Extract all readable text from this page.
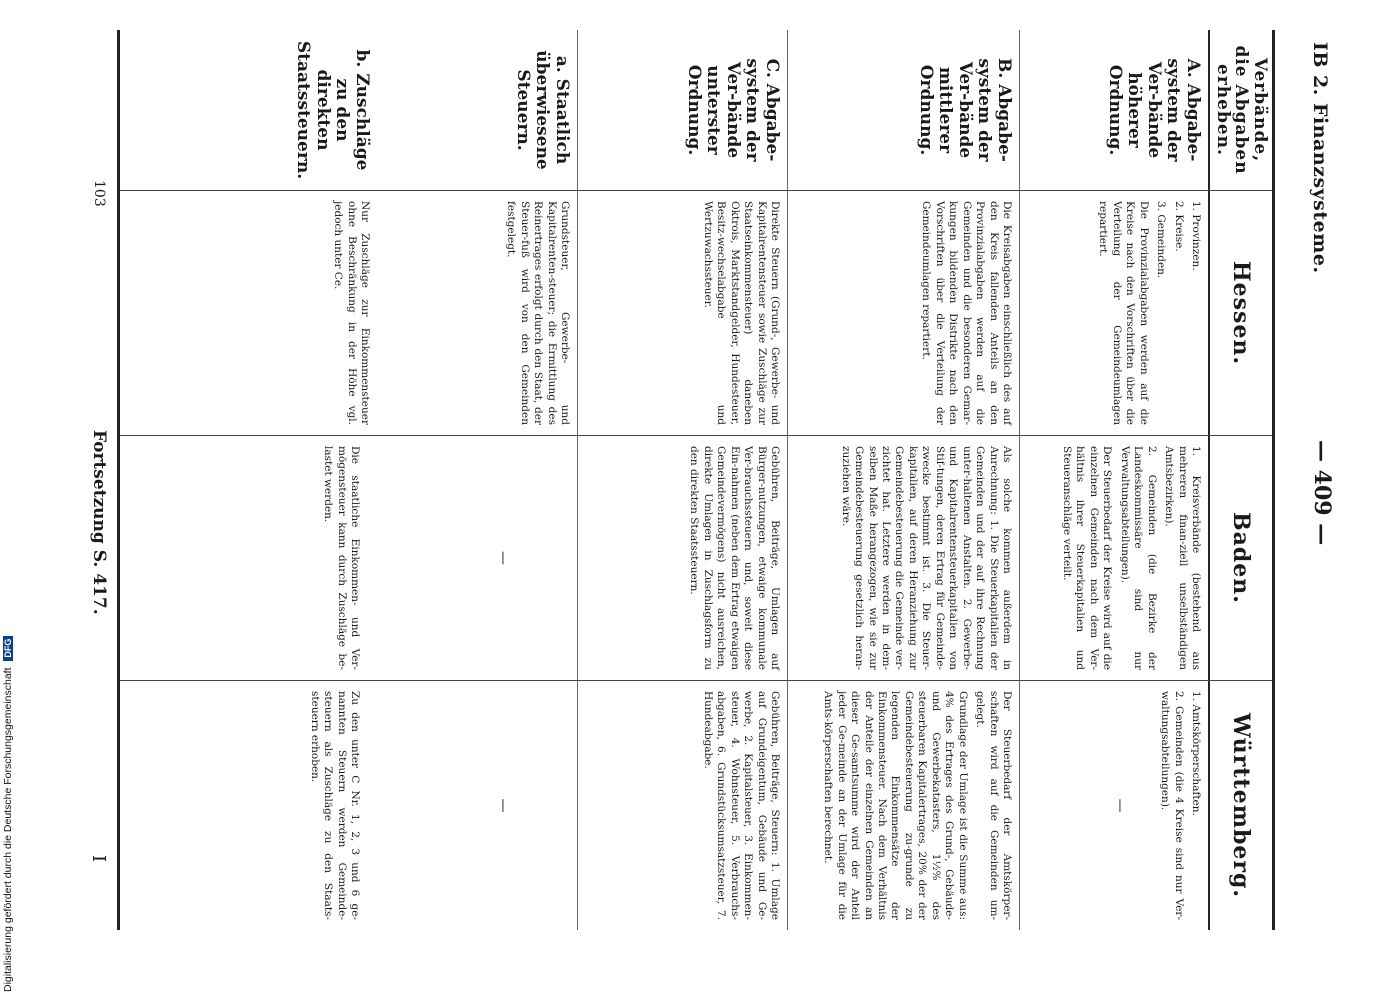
IB 2. Finanzsysteme.
— 409 —
Verbände, die Abgaben erheben.
A. Abgabe-system der Ver-bände höherer Ordnung.
B. Abgabe-system der Ver-bände mittlerer Ordnung.
C. Abgabe-system der Ver-bände unterster Ordnung.
a. Staatlich überwiesene Steuern.
b. Zuschläge zu den direkten Staatssteuern.
Hessen.

1. Provinzen.

2. Kreise.

3. Gemeinden.

Die Provinzialabgaben werden auf die Kreise nach den Vorschriften über die Verteilung der Gemeindeumlagen repartiert.

Die Kreisabgaben einschließlich des auf den Kreis fallenden Anteils an den Provinzialabgaben werden auf die Gemeinden und die besonderen Gemar-kungen bildenden Distrikte nach den Vorschriften über die Verteilung der Gemeindeumlagen repartiert.

Direkte Steuern (Grund-, Gewerbe- und Kapitalrentensteuer sowie Zuschläge zur Staatseinkommensteuer) daneben Oktrois, Marktstandgelder, Hundesteuer, Besitz-wechselabgabe und Wertzuwachssteuer.

Grundsteuer, Gewerbe- und Kapitalrenten-steuer; die Ermittlung des Reinertrages erfolgt durch den Staat, der Steuer-fuß wird von den Gemeinden festgelegt.

Nur Zuschläge zur Einkommensteuer ohne Beschränkung in der Höhe vgl. jedoch unter Ce.

Baden.

1. Kreisverbände (bestehend aus mehreren finan-ziell unselbständigen Amtsbezirken).

2. Gemeinden (die Bezirke der Landeskommissäre sind nur Verwaltungsabteilungen).

Der Steuerbedarf der Kreise wird auf die einzelnen Gemeinden nach dem Ver-hältnis ihrer Steuerkapitalien und Steueranschläge verteilt.

Als solche kommen außerdem in Anrechnung: 1. Die Steuerkapitalien der Gemeinden und der auf ihre Rechnung unter-haltenen Anstalten. 2. Gewerbe- und Kapitalrentensteuerkapitalien von Stif-tungen, deren Ertrag für Gemeinde-zwecke bestimmt ist. 3. Die Steuer-kapitalien, auf deren Heranziehung zur Gemeindebesteuerung die Gemeinde ver-zichtet hat. Letztere werden in dem-selben Maße herangezogen, wie sie zur Gemeindebesteuerung gesetzlich heran-zuziehen wäre.

Gebühren, Beiträge, Umlagen auf Bürger-nutzungen, etwaige kommunale Ver-brauchssteuern und, soweit diese Ein-nahmen (neben dem Ertrag etwaigen Gemeindevermögens) nicht ausreichen, direkte Umlagen in Zuschlagsform zu den direkten Staatssteuern.

—

Die staatliche Einkommen- und Ver-mögensteuer kann durch Zuschläge be-lastet werden.

Württemberg.

1. Amtskörperschaften.

2. Gemeinden (die 4 Kreise sind nur Ver-waltungsabteilungen).

—

Der Steuerbedarf der Amtskörper-schaften wird auf die Gemeinden um-gelegt.

Grundlage der Umlage ist die Summe aus: 4% des Ertrages des Grund-, Gebäude- und Gewerbekatasters, 1½% des steuerbaren Kapitalertrages, 20% der der Gemeindebesteuerung zu-grunde zu legenden Einkommensätze der Einkommensteuer. Nach dem Verhältnis der Anteile der einzelnen Gemeinden an dieser Ge-samtsumme wird der Anteil jeder Ge-meinde an der Umlage für die Amts-körperschaften berechnet.

Gebühren, Beiträge, Steuern: 1. Umlage auf Grundeigentum, Gebäude und Ge-werbe, 2. Kapitalsteuer, 3. Einkommen-steuer, 4. Wohnsteuer, 5. Verbrauchs-abgaben, 6. Grundstücksumsatzsteuer, 7. Hundeabgabe.

—

Zu den unter C Nr. 1, 2, 3 und 6 ge-nannten Steuern werden Gemeinde-steuern als Zuschläge zu den Staats-steuern erhoben.

103
Fortsetzung S. 417.
I
Digitalisierung gefördert durch die Deutsche Forschungsgemeinschaft DFG
